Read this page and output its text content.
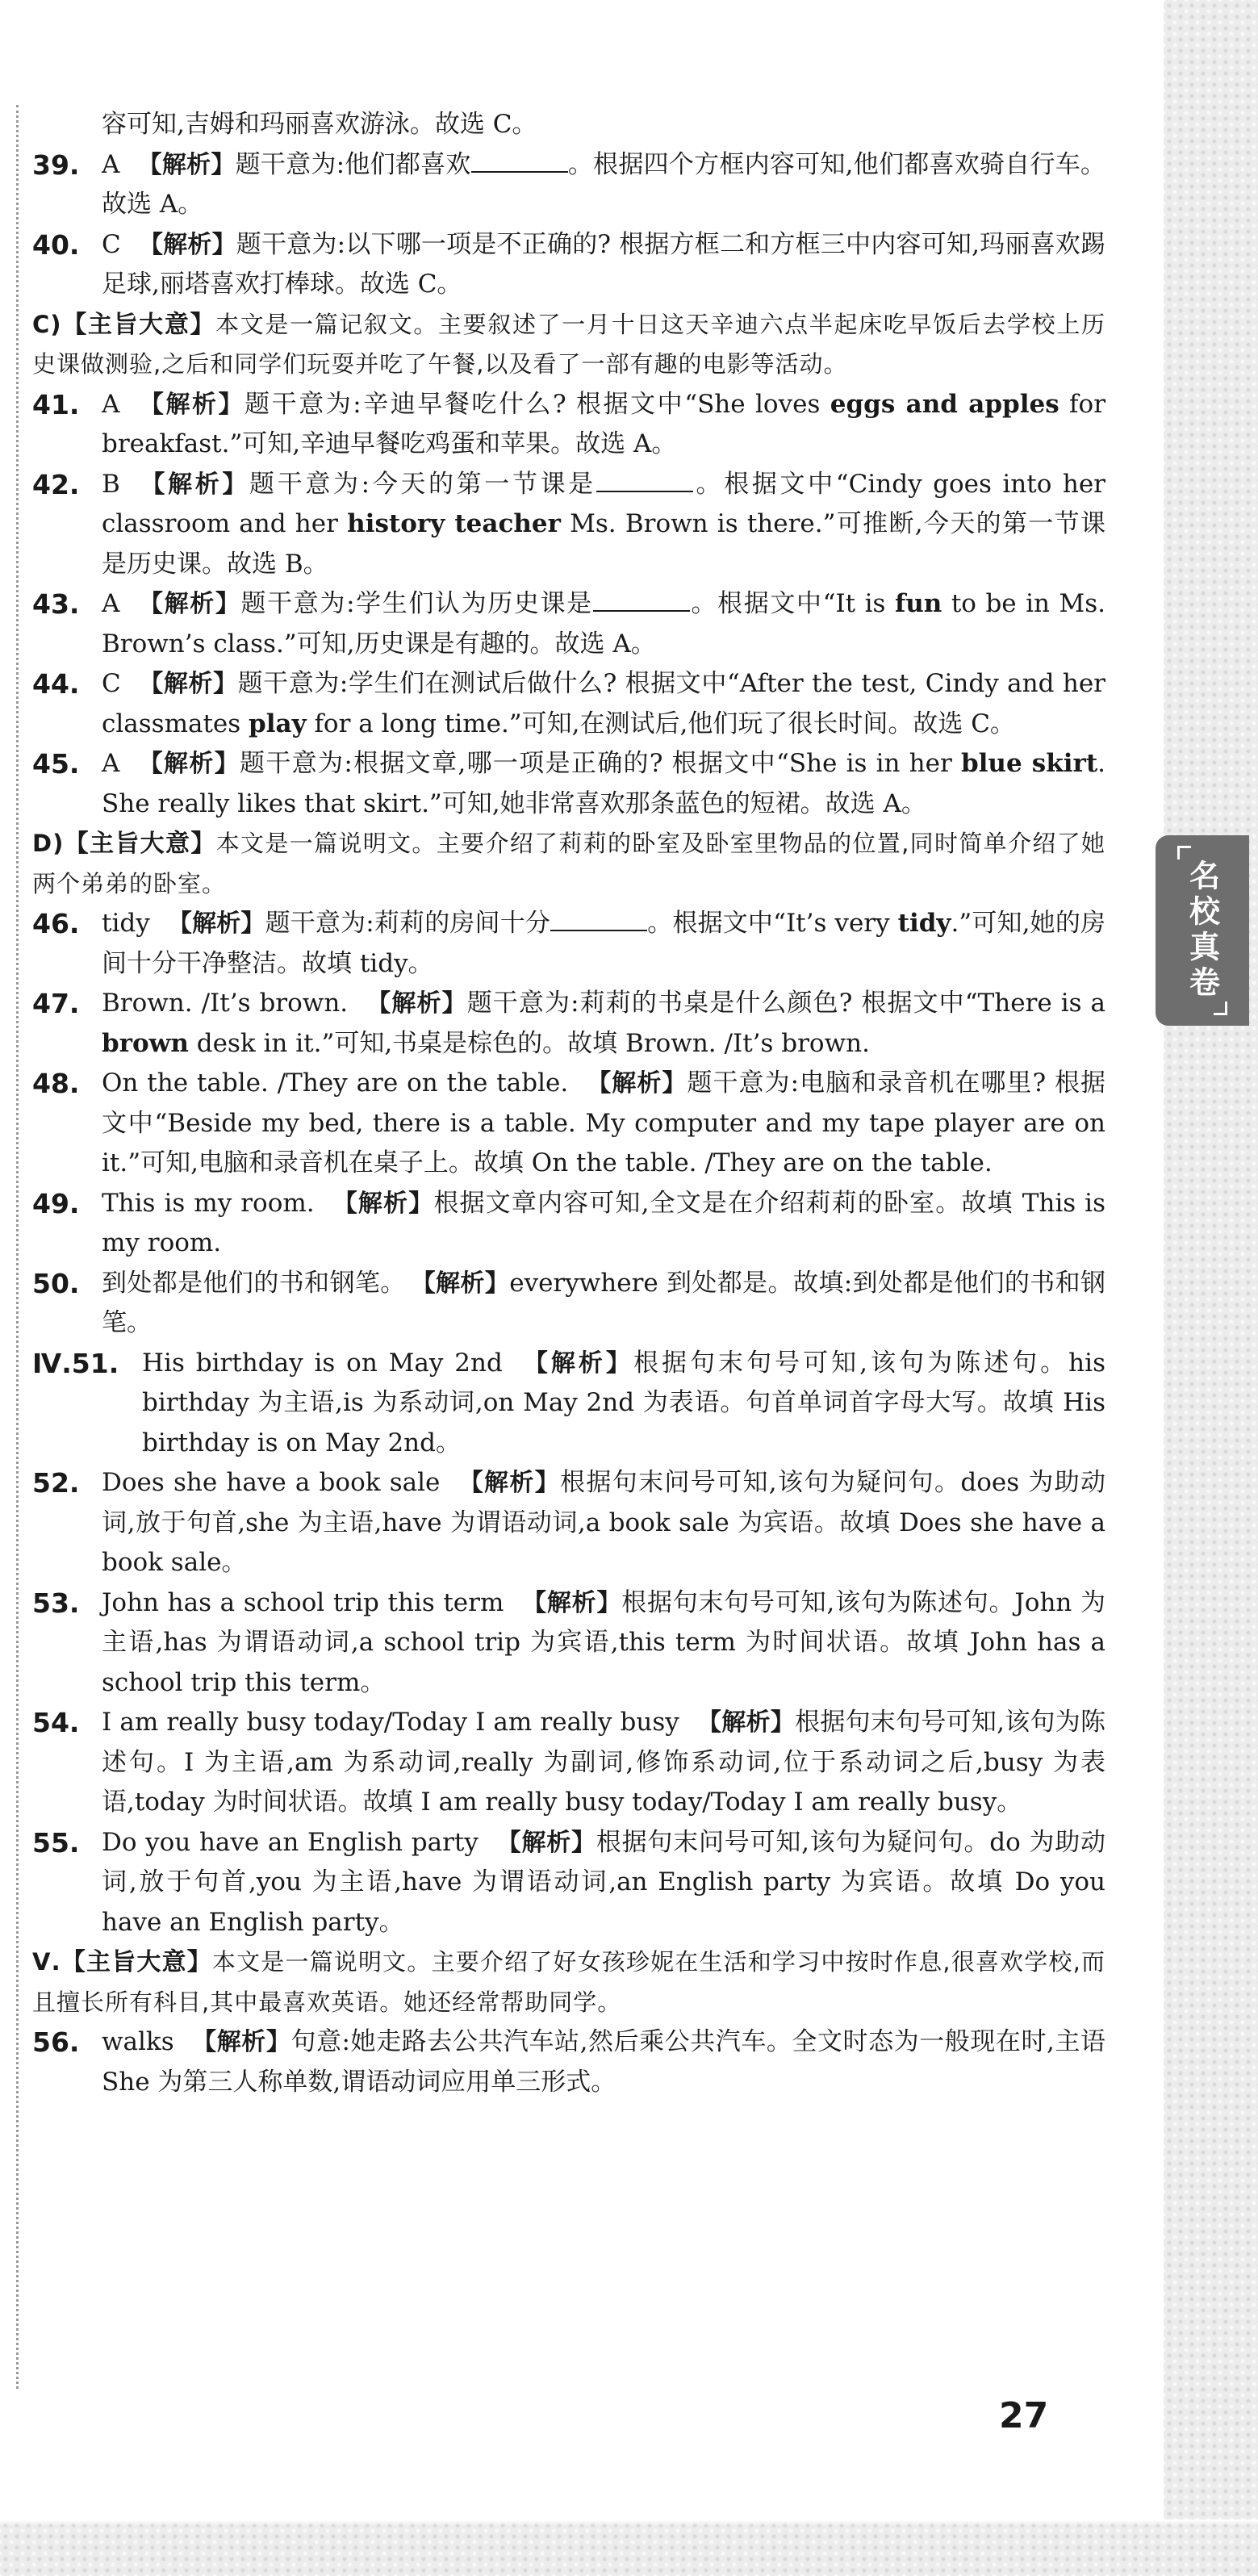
名校真卷
容可知,吉姆和玛丽喜欢游泳。故选 C。
39. A 【解析】题干意为:他们都喜欢	。根据四个方框内容可知,他们都喜欢骑自行车。故选 A。
40. C 【解析】题干意为:以下哪一项是不正确的? 根据方框二和方框三中内容可知,玛丽喜欢踢足球,丽塔喜欢打棒球。故选 C。
C)【主旨大意】本文是一篇记叙文。主要叙述了一月十日这天辛迪六点半起床吃早饭后去学校上历史课做测验,之后和同学们玩耍并吃了午餐,以及看了一部有趣的电影等活动。
41. A 【解析】题干意为:辛迪早餐吃什么? 根据文中“She loves eggs and apples for breakfast.”可知,辛迪早餐吃鸡蛋和苹果。故选 A。
42. B 【解析】题干意为:今天的第一节课是	。根据文中“Cindy goes into her classroom and her history teacher Ms. Brown is there.”可推断,今天的第一节课是历史课。故选 B。
43. A 【解析】题干意为:学生们认为历史课是	。根据文中“It is fun to be in Ms. Brown’s class.”可知,历史课是有趣的。故选 A。
44. C 【解析】题干意为:学生们在测试后做什么? 根据文中“After the test, Cindy and her classmates play for a long time.”可知,在测试后,他们玩了很长时间。故选 C。
45. A 【解析】题干意为:根据文章,哪一项是正确的? 根据文中“She is in her blue skirt. She really likes that skirt.”可知,她非常喜欢那条蓝色的短裙。故选 A。
D)【主旨大意】本文是一篇说明文。主要介绍了莉莉的卧室及卧室里物品的位置,同时简单介绍了她两个弟弟的卧室。
46. tidy 【解析】题干意为:莉莉的房间十分	。根据文中“It’s very tidy.”可知,她的房间十分干净整洁。故填 tidy。
47. Brown. /It’s brown. 【解析】题干意为:莉莉的书桌是什么颜色? 根据文中“There is a brown desk in it.”可知,书桌是棕色的。故填 Brown. /It’s brown.
48. On the table. /They are on the table. 【解析】题干意为:电脑和录音机在哪里? 根据文中“Beside my bed, there is a table. My computer and my tape player are on it.”可知,电脑和录音机在桌子上。故填 On the table. /They are on the table.
49. This is my room. 【解析】根据文章内容可知,全文是在介绍莉莉的卧室。故填 This is my room.
50. 到处都是他们的书和钢笔。 【解析】everywhere 到处都是。故填:到处都是他们的书和钢笔。
Ⅳ.51. His birthday is on May 2nd 【解析】根据句末句号可知,该句为陈述句。his birthday 为主语,is 为系动词,on May 2nd 为表语。句首单词首字母大写。故填 His birthday is on May 2nd。
52. Does she have a book sale 【解析】根据句末问号可知,该句为疑问句。does 为助动词,放于句首,she 为主语,have 为谓语动词,a book sale 为宾语。故填 Does she have a book sale。
53. John has a school trip this term 【解析】根据句末句号可知,该句为陈述句。John 为主语,has 为谓语动词,a school trip 为宾语,this term 为时间状语。故填 John has a school trip this term。
54. I am really busy today/Today I am really busy 【解析】根据句末句号可知,该句为陈述句。I 为主语,am 为系动词,really 为副词,修饰系动词,位于系动词之后,busy 为表语,today 为时间状语。故填 I am really busy today/Today I am really busy。
55. Do you have an English party 【解析】根据句末问号可知,该句为疑问句。do 为助动词,放于句首,you 为主语,have 为谓语动词,an English party 为宾语。故填 Do you have an English party。
Ⅴ.【主旨大意】本文是一篇说明文。主要介绍了好女孩珍妮在生活和学习中按时作息,很喜欢学校,而且擅长所有科目,其中最喜欢英语。她还经常帮助同学。
56. walks 【解析】句意:她走路去公共汽车站,然后乘公共汽车。全文时态为一般现在时,主语 She 为第三人称单数,谓语动词应用单三形式。
27
